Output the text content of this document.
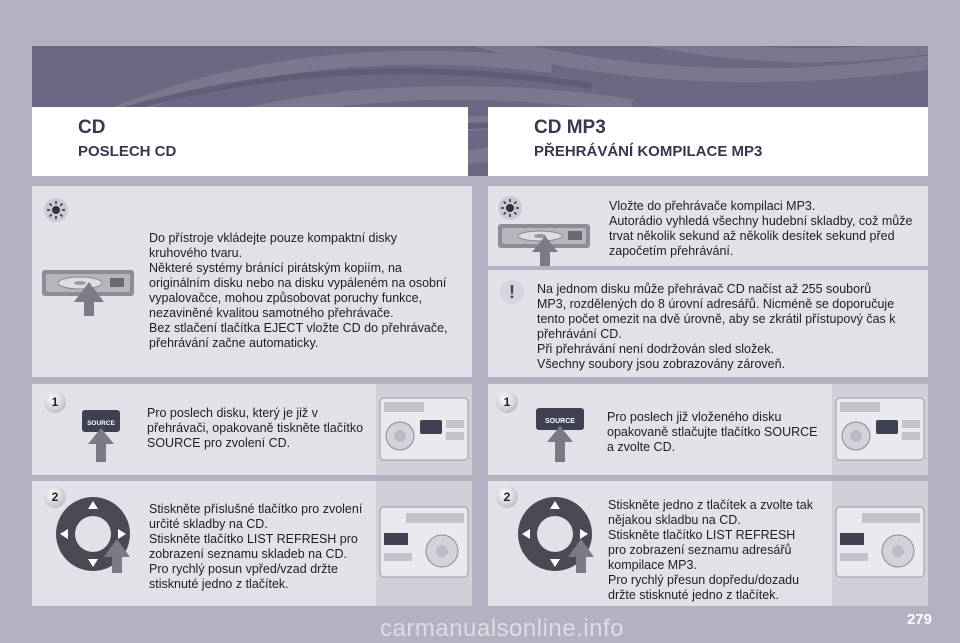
CD
POSLECH CD
CD MP3
PŘEHRÁVÁNÍ KOMPILACE MP3
Do přístroje vkládejte pouze kompaktní disky
kruhového tvaru.
Některé systémy bránící pirátským kopiím, na
originálním disku nebo na disku vypáleném na osobní
vypalovačce, mohou způsobovat poruchy funkce,
nezaviněné kvalitou samotného přehrávače.
Bez stlačení tlačítka EJECT vložte CD do přehrávače,
přehrávání začne automaticky.
1
SOURCE
Pro poslech disku, který je již v
přehrávači, opakovaně tiskněte tlačítko
SOURCE pro zvolení CD.
2
Stiskněte příslušné tlačítko pro zvolení
určité skladby na CD.
Stiskněte tlačítko LIST REFRESH pro
zobrazení seznamu skladeb na CD.
Pro rychlý posun vpřed/vzad držte
stisknuté jedno z tlačítek.
Vložte do přehrávače kompilaci MP3.
Autorádio vyhledá všechny hudební skladby, což může
trvat několik sekund až několik desítek sekund před
započetím přehrávání.
!	Na jednom disku může přehrávač CD načíst až 255 souborů
MP3, rozdělených do 8 úrovní adresářů. Nicméně se doporučuje
tento počet omezit na dvě úrovně, aby se zkrátil přístupový čas k
přehrávání CD.
Při přehrávání není dodržován sled složek.
Všechny soubory jsou zobrazovány zároveň.
1
SOURCE	Pro poslech již vloženého disku
opakovaně stlačujte tlačítko SOURCE
a zvolte CD.
2
Stiskněte jedno z tlačítek a zvolte tak
nějakou skladbu na CD.
Stiskněte tlačítko LIST REFRESH
pro zobrazení seznamu adresářů
kompilace MP3.
Pro rychlý přesun dopředu/dozadu
držte stisknuté jedno z tlačítek.
279
carmanualsonline.info
